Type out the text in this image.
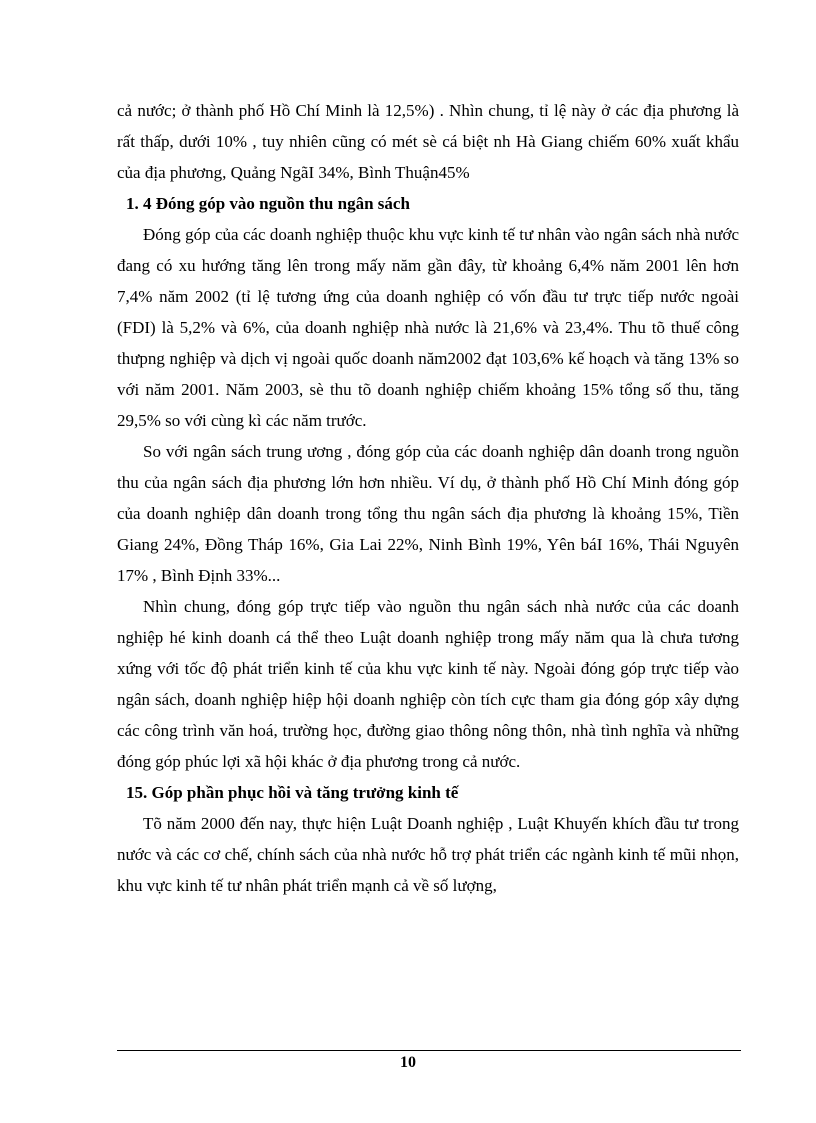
cả nước; ở thành phố Hồ Chí Minh là 12,5%) . Nhìn chung, tỉ lệ này ở các địa phương là rất thấp, dưới 10% , tuy nhiên cũng có mét sè cá biệt nh Hà Giang chiếm 60% xuất khẩu của địa phương, Quảng NgãI 34%, Bình Thuận45%

1. 4 Đóng góp vào nguồn thu ngân sách

Đóng góp của các doanh nghiệp thuộc khu vực kinh tế tư nhân vào ngân sách nhà nước đang có xu hướng tăng lên trong mấy năm gần đây, từ khoảng 6,4% năm 2001 lên hơn 7,4% năm 2002 (tỉ lệ tương ứng của doanh nghiệp có vốn đầu tư trực tiếp nước ngoài (FDI) là 5,2% và 6%, của doanh nghiệp nhà nước là 21,6% và 23,4%. Thu tõ thuế công thưpng nghiệp và dịch vị ngoài quốc doanh năm2002 đạt 103,6% kế hoạch và tăng 13% so với năm 2001. Năm 2003, sè thu tõ doanh nghiệp chiếm khoảng 15% tổng số thu, tăng 29,5% so với cùng kì các năm trước.

So với ngân sách trung ương , đóng góp của các doanh nghiệp dân doanh trong nguồn thu của ngân sách địa phương lớn hơn nhiều. Ví dụ, ở thành phố Hồ Chí Minh đóng góp của doanh nghiệp dân doanh trong tổng thu ngân sách địa phương là khoảng 15%, Tiền Giang 24%, Đồng Tháp 16%, Gia Lai 22%, Ninh Bình 19%, Yên báI 16%, Thái Nguyên 17% , Bình Định 33%...

Nhìn chung, đóng góp trực tiếp vào nguồn thu ngân sách nhà nước của các doanh nghiệp hé kinh doanh cá thể theo Luật doanh nghiệp trong mấy năm qua là chưa tương xứng với tốc độ phát triển kinh tế của khu vực kinh tế này. Ngoài đóng góp trực tiếp vào ngân sách, doanh nghiệp hiệp hội doanh nghiệp còn tích cực tham gia đóng góp xây dựng các công trình văn hoá, trường học, đường giao thông nông thôn, nhà tình nghĩa và những đóng góp phúc lợi xã hội khác ở địa phương trong cả nước.

15. Góp phần phục hồi và tăng trưởng kinh tế

Tõ năm 2000 đến nay, thực hiện Luật Doanh nghiệp , Luật Khuyến khích đầu tư trong nước và các cơ chế, chính sách của nhà nước hỗ trợ phát triển các ngành kinh tế mũi nhọn, khu vực kinh tế tư nhân phát triển mạnh cả về số lượng,

10
